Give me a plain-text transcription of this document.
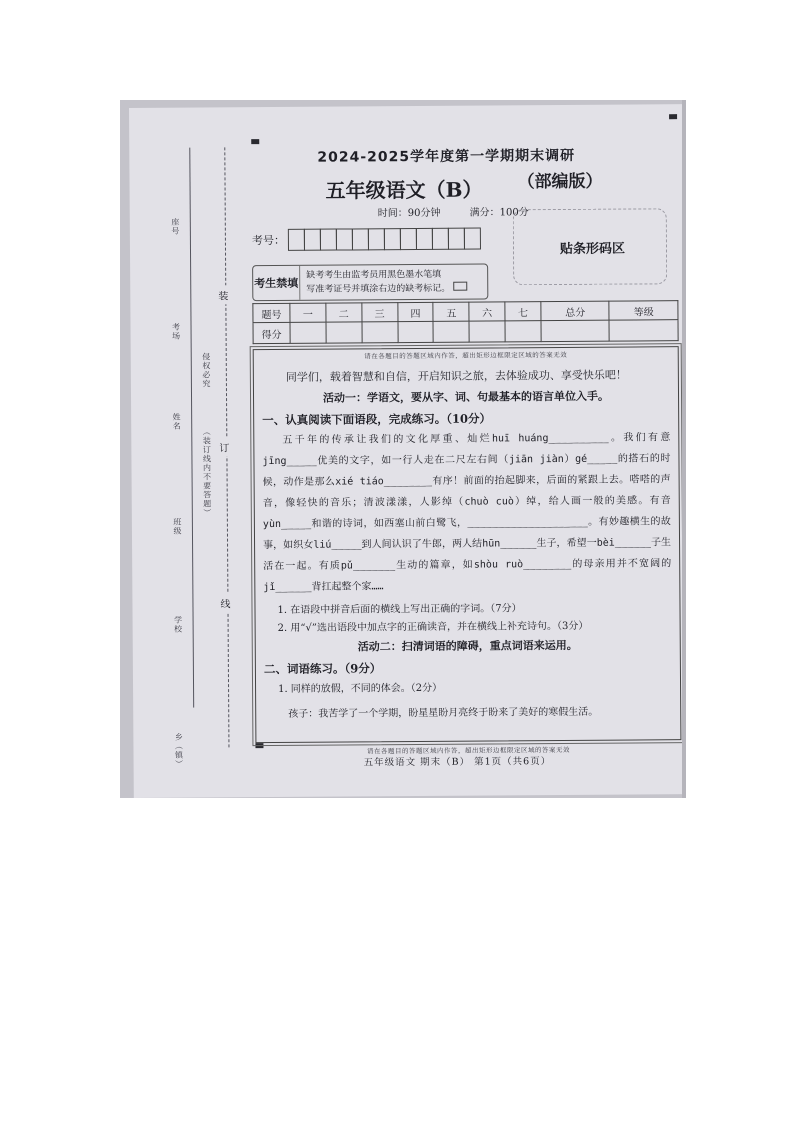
座号
考场
姓名
班级
学校
乡（镇）
（装订线内不要答题）
侵权必究
装
订
线
2024-2025学年度第一学期期末调研
五年级语文（B） （部编版）
时间：90分钟	满分：100分
考号：
贴条形码区
考生禁填
缺考考生由监考员用黑色墨水笔填
写准考证号并填涂右边的缺考标记。
题号	一	二	三	四	五	六	七	总分	等级
得分									
请在各题目的答题区域内作答，超出矩形边框限定区域的答案无效
同学们，载着智慧和自信，开启知识之旅，去体验成功、享受快乐吧！
活动一：学语文，要从字、词、句最基本的语言单位入手。
一、认真阅读下面语段，完成练习。（10分）
五千年的传承让我们的文化厚重、灿烂huī huáng__________。我们有意jīng_____优美的文字，如一行人走在二尺左右间（jiān jiàn）gé_____的搭石的时候，动作是那么xié tiáo________有序！前面的抬起脚来，后面的紧跟上去。嗒嗒的声音，像轻快的音乐；清波漾漾，人影绰（chuò cuò）绰，给人画一般的美感。有音yùn_____和谐的诗词，如西塞山前白鹭飞，____________________。有妙趣横生的故事，如织女liú_____到人间认识了牛郎，两人结hūn______生子，希望一bèi______子生活在一起。有质pǔ_______生动的篇章，如shòu ruò________的母亲用并不宽阔的jǐ______背扛起整个家……
1. 在语段中拼音后面的横线上写出正确的字词。（7分）
2. 用“√”选出语段中加点字的正确读音，并在横线上补充诗句。（3分）
活动二：扫清词语的障碍，重点词语来运用。
二、词语练习。（9分）
1. 同样的放假，不同的体会。（2分）
孩子：我苦学了一个学期，盼星星盼月亮终于盼来了美好的寒假生活。
请在各题目的答题区域内作答，超出矩形边框限定区域的答案无效
五年级语文 期末（B） 第1页（共6页）
